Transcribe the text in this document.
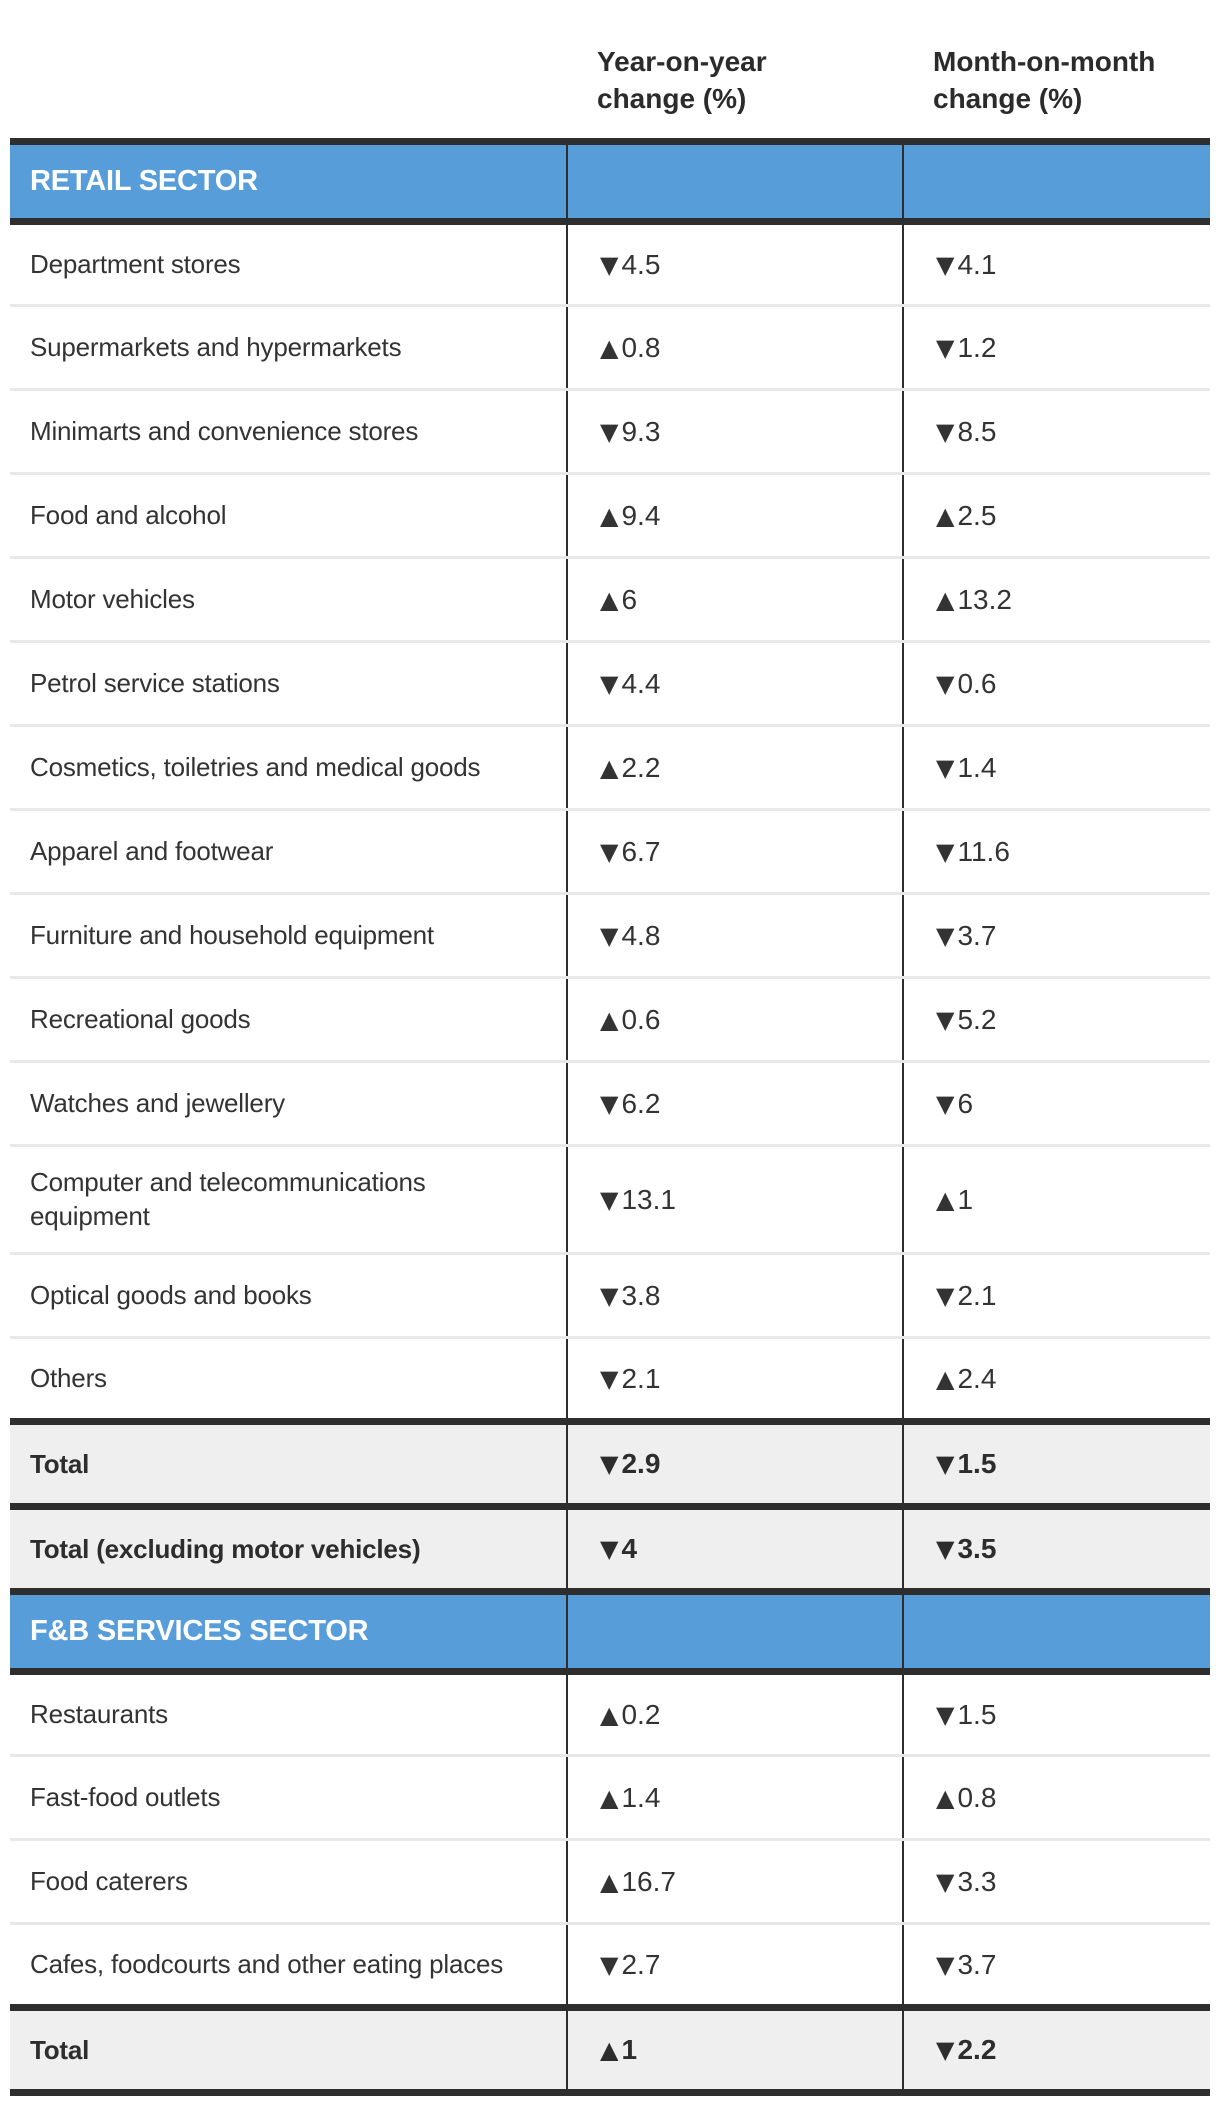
Year-on-year change (%)
Month-on-month change (%)
RETAIL SECTOR		
Department stores	▼ 4.5	▼ 4.1
Supermarkets and hypermarkets	▲ 0.8	▼ 1.2
Minimarts and convenience stores	▼ 9.3	▼ 8.5
Food and alcohol	▲ 9.4	▲ 2.5
Motor vehicles	▲ 6	▲ 13.2
Petrol service stations	▼ 4.4	▼ 0.6
Cosmetics, toiletries and medical goods	▲ 2.2	▼ 1.4
Apparel and footwear	▼ 6.7	▼ 11.6
Furniture and household equipment	▼ 4.8	▼ 3.7
Recreational goods	▲ 0.6	▼ 5.2
Watches and jewellery	▼ 6.2	▼ 6
Computer and telecommunications equipment	▼ 13.1	▲ 1
Optical goods and books	▼ 3.8	▼ 2.1
Others	▼ 2.1	▲ 2.4
Total	▼ 2.9	▼ 1.5
Total (excluding motor vehicles)	▼ 4	▼ 3.5
F&B SERVICES SECTOR		
Restaurants	▲ 0.2	▼ 1.5
Fast-food outlets	▲ 1.4	▲ 0.8
Food caterers	▲ 16.7	▼ 3.3
Cafes, foodcourts and other eating places	▼ 2.7	▼ 3.7
Total	▲ 1	▼ 2.2
